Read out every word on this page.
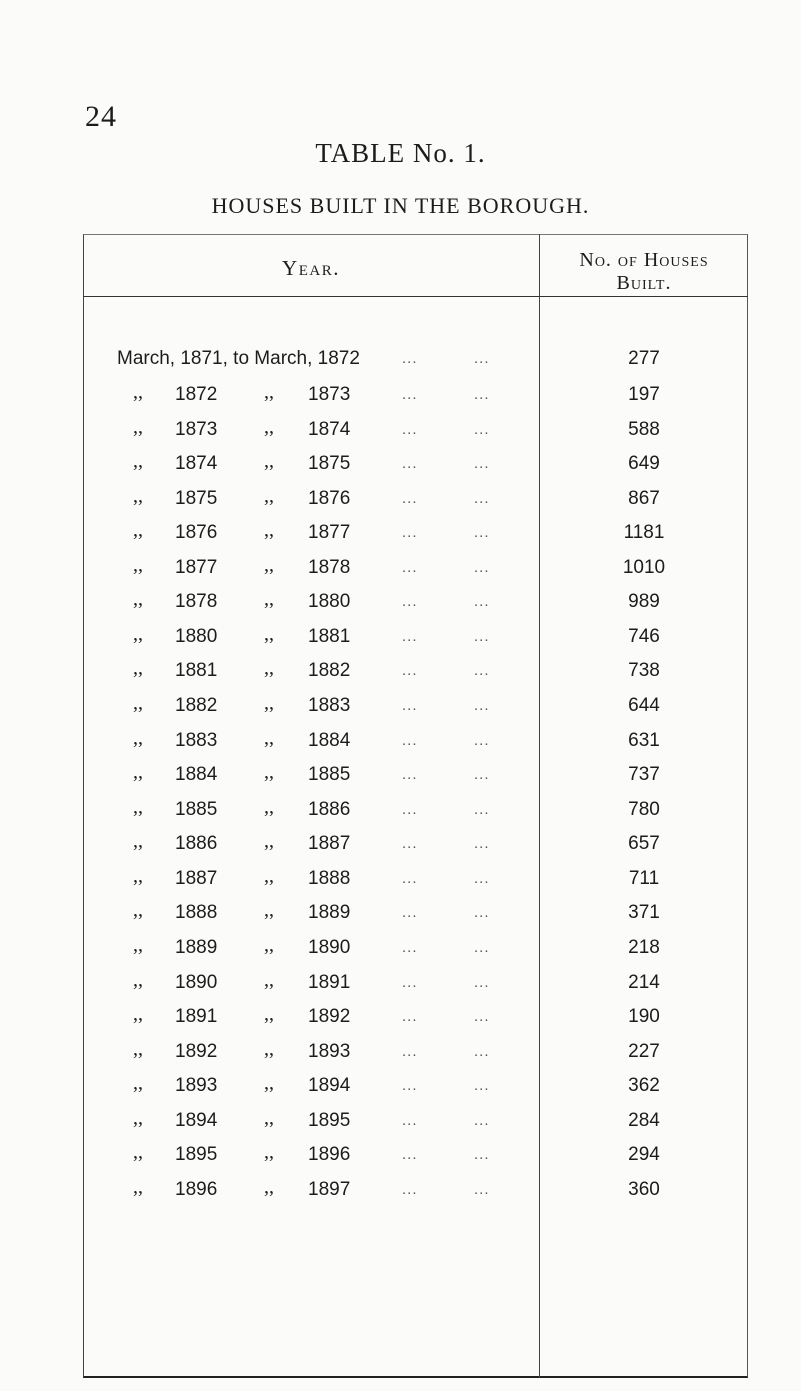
24
TABLE No. 1.
HOUSES BUILT IN THE BOROUGH.
Year.	No. of Houses
Built.
March, 1871, to March, 1872	...	...	277
,, 1872 ,, 1873	...	...	197
,, 1873 ,, 1874	...	...	588
,, 1874 ,, 1875	...	...	649
,, 1875 ,, 1876	...	...	867
,, 1876 ,, 1877	...	...	1181
,, 1877 ,, 1878	...	...	1010
,, 1878 ,, 1880	...	...	989
,, 1880 ,, 1881	...	...	746
,, 1881 ,, 1882	...	...	738
,, 1882 ,, 1883	...	...	644
,, 1883 ,, 1884	...	...	631
,, 1884 ,, 1885	...	...	737
,, 1885 ,, 1886	...	...	780
,, 1886 ,, 1887	...	...	657
,, 1887 ,, 1888	...	...	711
,, 1888 ,, 1889	...	...	371
,, 1889 ,, 1890	...	...	218
,, 1890 ,, 1891	...	...	214
,, 1891 ,, 1892	...	...	190
,, 1892 ,, 1893	...	...	227
,, 1893 ,, 1894	...	...	362
,, 1894 ,, 1895	...	...	284
,, 1895 ,, 1896	...	...	294
,, 1896 ,, 1897	...	...	360
